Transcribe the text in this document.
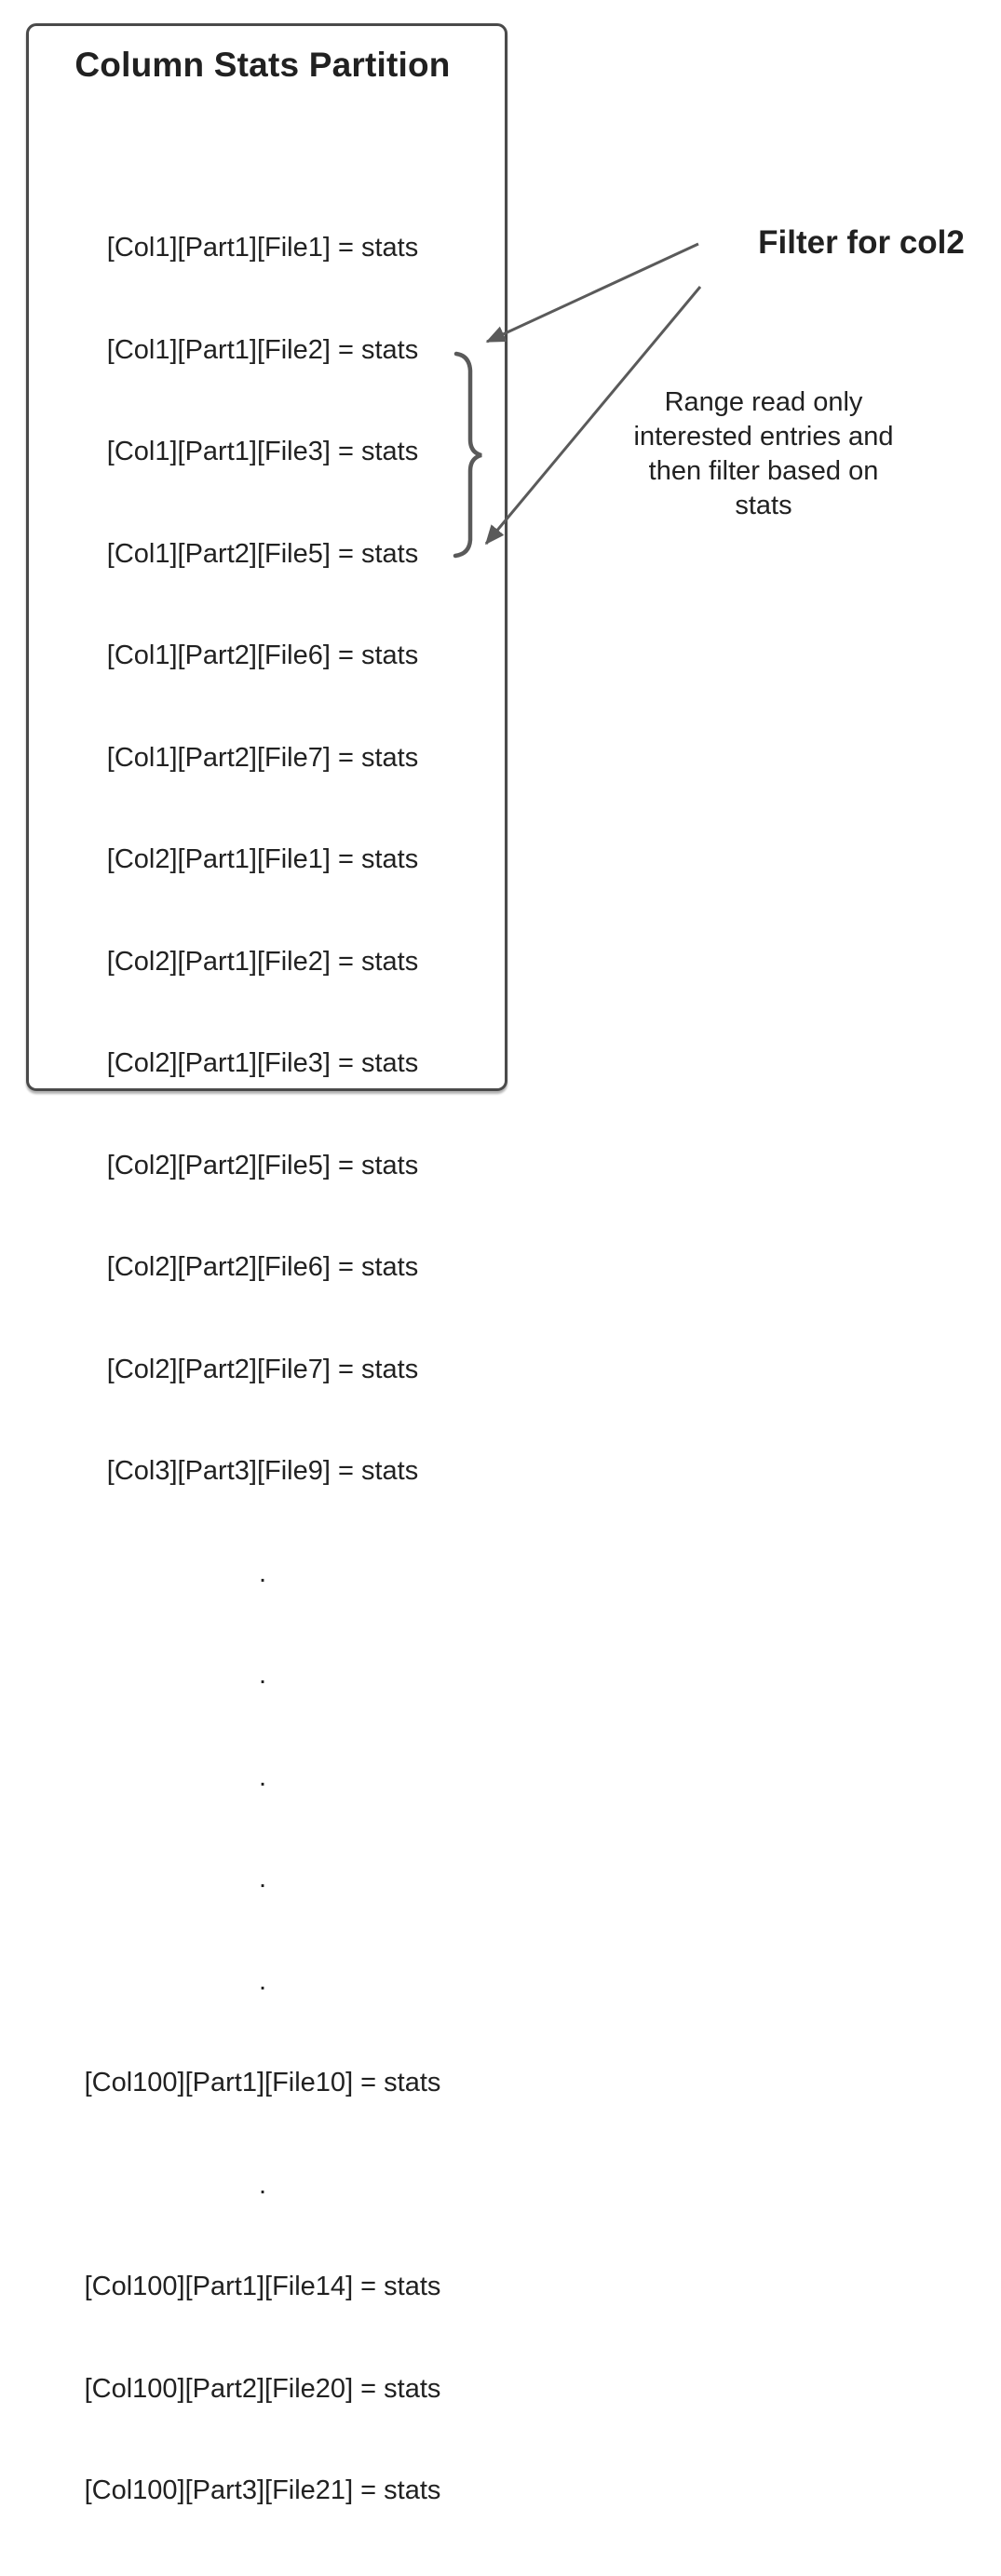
Column Stats Partition

[Col1][Part1][File1] = stats

[Col1][Part1][File2] = stats

[Col1][Part1][File3] = stats

[Col1][Part2][File5] = stats

[Col1][Part2][File6] = stats

[Col1][Part2][File7] = stats

[Col2][Part1][File1] = stats

[Col2][Part1][File2] = stats

[Col2][Part1][File3] = stats

[Col2][Part2][File5] = stats

[Col2][Part2][File6] = stats

[Col2][Part2][File7] = stats

[Col3][Part3][File9] = stats

.

.

.

.

.

[Col100][Part1][File10] = stats

.

[Col100][Part1][File14] = stats

[Col100][Part2][File20] = stats

[Col100][Part3][File21] = stats

Filter for col2
Range read only
interested entries and
then filter based on
stats
